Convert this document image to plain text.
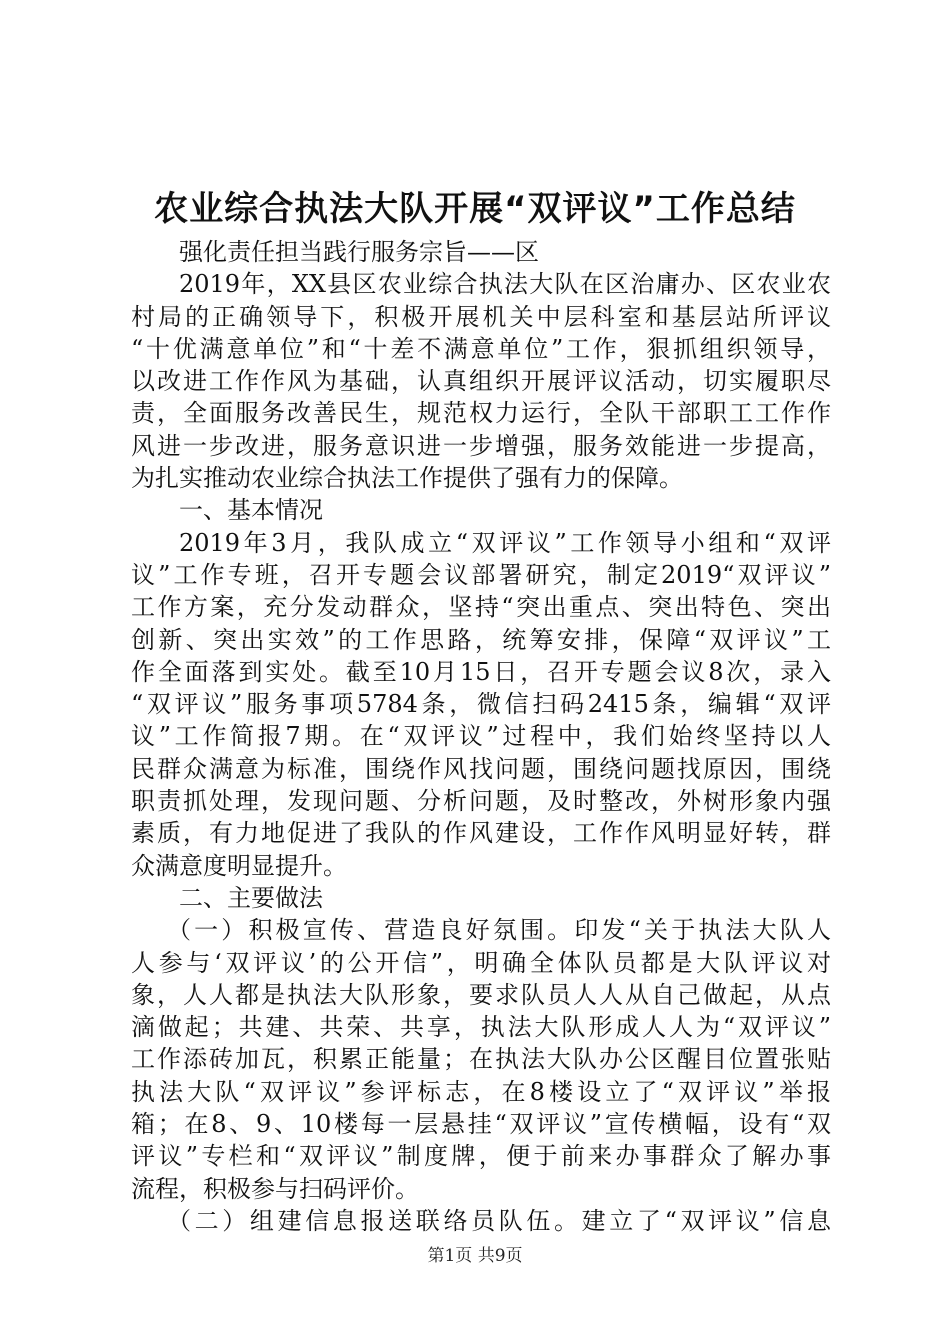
农业综合执法大队开展“双评议”工作总结
强化责任担当践行服务宗旨——区
2019年，XX县区农业综合执法大队在区治庸办、区农业农
村局的正确领导下，积极开展机关中层科室和基层站所评议
“十优满意单位”和“十差不满意单位”工作，狠抓组织领导，
以改进工作作风为基础，认真组织开展评议活动，切实履职尽
责，全面服务改善民生，规范权力运行，全队干部职工工作作
风进一步改进，服务意识进一步增强，服务效能进一步提高，
为扎实推动农业综合执法工作提供了强有力的保障。
一、基本情况
2019年3月，我队成立“双评议”工作领导小组和“双评
议”工作专班，召开专题会议部署研究，制定2019“双评议”
工作方案，充分发动群众，坚持“突出重点、突出特色、突出
创新、突出实效”的工作思路，统筹安排，保障“双评议”工
作全面落到实处。截至10月15日，召开专题会议8次，录入
“双评议”服务事项5784条，微信扫码2415条，编辑“双评
议”工作简报7期。在“双评议”过程中，我们始终坚持以人
民群众满意为标准，围绕作风找问题，围绕问题找原因，围绕
职责抓处理，发现问题、分析问题，及时整改，外树形象内强
素质，有力地促进了我队的作风建设，工作作风明显好转，群
众满意度明显提升。
二、主要做法
（一）积极宣传、营造良好氛围。印发“关于执法大队人
人参与‘双评议’的公开信”，明确全体队员都是大队评议对
象，人人都是执法大队形象，要求队员人人从自己做起，从点
滴做起；共建、共荣、共享，执法大队形成人人为“双评议”
工作添砖加瓦，积累正能量；在执法大队办公区醒目位置张贴
执法大队“双评议”参评标志，在8楼设立了“双评议”举报
箱；在8、9、10楼每一层悬挂“双评议”宣传横幅，设有“双
评议”专栏和“双评议”制度牌，便于前来办事群众了解办事
流程，积极参与扫码评价。
（二）组建信息报送联络员队伍。建立了“双评议”信息
第1页 共9页
